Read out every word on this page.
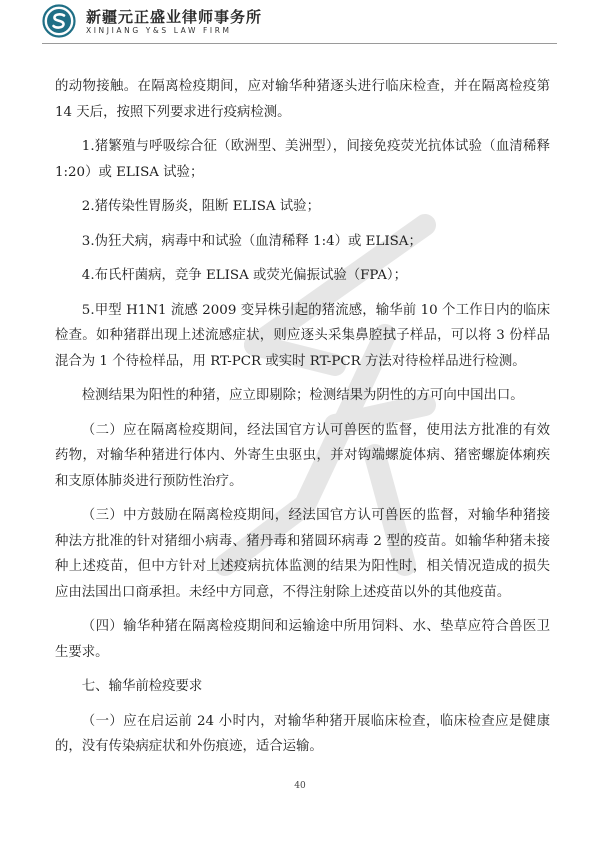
新疆元正盛业律师事务所
XINJIANG Y&S LAW FIRM

的动物接触。在隔离检疫期间，应对输华种猪逐头进行临床检查，并在隔离检疫第 14 天后，按照下列要求进行疫病检测。

1.猪繁殖与呼吸综合征（欧洲型、美洲型），间接免疫荧光抗体试验（血清稀释 1:20）或 ELISA 试验；

2.猪传染性胃肠炎，阻断 ELISA 试验；

3.伪狂犬病，病毒中和试验（血清稀释 1:4）或 ELISA；

4.布氏杆菌病，竞争 ELISA 或荧光偏振试验（FPA）；

5.甲型 H1N1 流感 2009 变异株引起的猪流感，输华前 10 个工作日内的临床检查。如种猪群出现上述流感症状，则应逐头采集鼻腔拭子样品，可以将 3 份样品混合为 1 个待检样品，用 RT-PCR 或实时 RT-PCR 方法对待检样品进行检测。

检测结果为阳性的种猪，应立即剔除；检测结果为阴性的方可向中国出口。

（二）应在隔离检疫期间，经法国官方认可兽医的监督，使用法方批准的有效药物，对输华种猪进行体内、外寄生虫驱虫，并对钩端螺旋体病、猪密螺旋体痢疾和支原体肺炎进行预防性治疗。

（三）中方鼓励在隔离检疫期间，经法国官方认可兽医的监督，对输华种猪接种法方批准的针对猪细小病毒、猪丹毒和猪圆环病毒 2 型的疫苗。如输华种猪未接种上述疫苗，但中方针对上述疫病抗体监测的结果为阳性时，相关情况造成的损失应由法国出口商承担。未经中方同意，不得注射除上述疫苗以外的其他疫苗。

（四）输华种猪在隔离检疫期间和运输途中所用饲料、水、垫草应符合兽医卫生要求。

七、输华前检疫要求

（一）应在启运前 24 小时内，对输华种猪开展临床检查，临床检查应是健康的，没有传染病症状和外伤痕迹，适合运输。

40
